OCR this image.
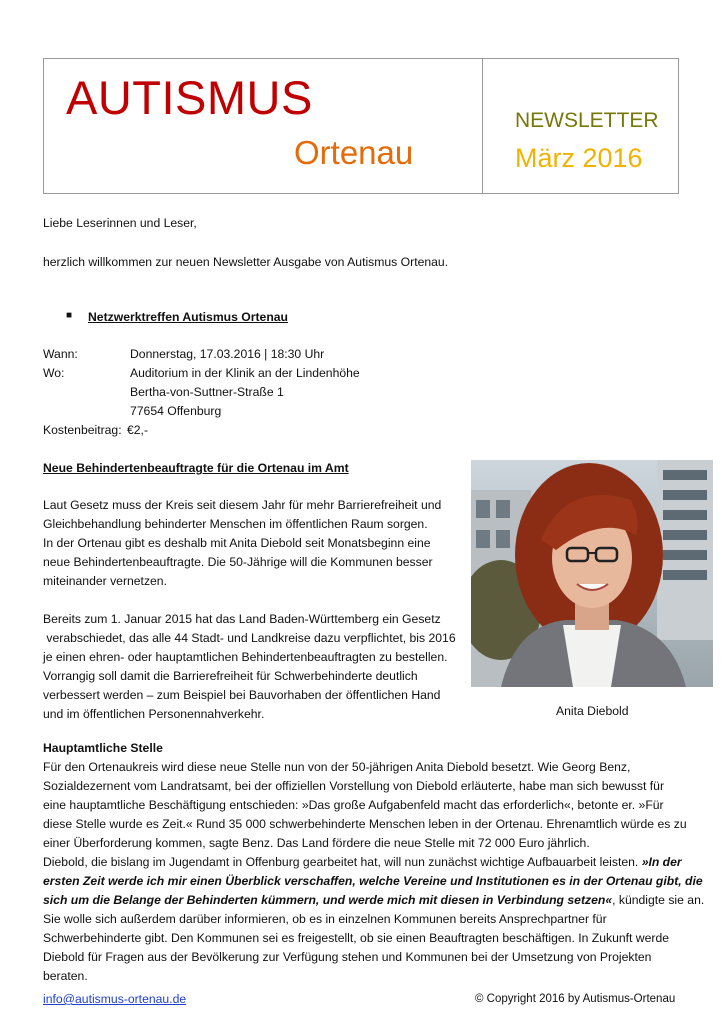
AUTISMUS
Ortenau
NEWSLETTER
März 2016
Liebe Leserinnen und Leser,
herzlich willkommen zur neuen Newsletter Ausgabe von Autismus Ortenau.
■ Netzwerktreffen Autismus Ortenau
Wann:	Donnerstag, 17.03.2016 | 18:30 Uhr
Wo:	Auditorium in der Klinik an der Lindenhöhe
Bertha-von-Suttner-Straße 1
77654 Offenburg
Kostenbeitrag: €2,-
Neue Behindertenbeauftragte für die Ortenau im Amt
Laut Gesetz muss der Kreis seit diesem Jahr für mehr Barrierefreiheit und
Gleichbehandlung behinderter Menschen im öffentlichen Raum sorgen.
In der Ortenau gibt es deshalb mit Anita Diebold seit Monatsbeginn eine
neue Behindertenbeauftragte. Die 50-Jährige will die Kommunen besser
miteinander vernetzen.
Bereits zum 1. Januar 2015 hat das Land Baden-Württemberg ein Gesetz
verabschiedet, das alle 44 Stadt- und Landkreise dazu verpflichtet, bis 2016
je einen ehren- oder hauptamtlichen Behindertenbeauftragten zu bestellen.
Vorrangig soll damit die Barrierefreiheit für Schwerbehinderte deutlich
verbessert werden – zum Beispiel bei Bauvorhaben der öffentlichen Hand
und im öffentlichen Personennahverkehr.	Anita Diebold
Hauptamtliche Stelle
Für den Ortenaukreis wird diese neue Stelle nun von der 50-jährigen Anita Diebold besetzt. Wie Georg Benz,
Sozialdezernent vom Landratsamt, bei der offiziellen Vorstellung von Diebold erläuterte, habe man sich bewusst für
eine hauptamtliche Beschäftigung entschieden: »Das große Aufgabenfeld macht das erforderlich«, betonte er. »Für
diese Stelle wurde es Zeit.« Rund 35 000 schwerbehinderte Menschen leben in der Ortenau. Ehrenamtlich würde es zu
einer Überforderung kommen, sagte Benz. Das Land fördere die neue Stelle mit 72 000 Euro jährlich.
Diebold, die bislang im Jugendamt in Offenburg gearbeitet hat, will nun zunächst wichtige Aufbauarbeit leisten. »In der
ersten Zeit werde ich mir einen Überblick verschaffen, welche Vereine und Institutionen es in der Ortenau gibt, die
sich um die Belange der Behinderten kümmern, und werde mich mit diesen in Verbindung setzen«, kündigte sie an.
Sie wolle sich außerdem darüber informieren, ob es in einzelnen Kommunen bereits Ansprechpartner für
Schwerbehinderte gibt. Den Kommunen sei es freigestellt, ob sie einen Beauftragten beschäftigen. In Zukunft werde
Diebold für Fragen aus der Bevölkerung zur Verfügung stehen und Kommunen bei der Umsetzung von Projekten
beraten.
info@autismus-ortenau.de	© Copyright 2016 by Autismus-Ortenau
